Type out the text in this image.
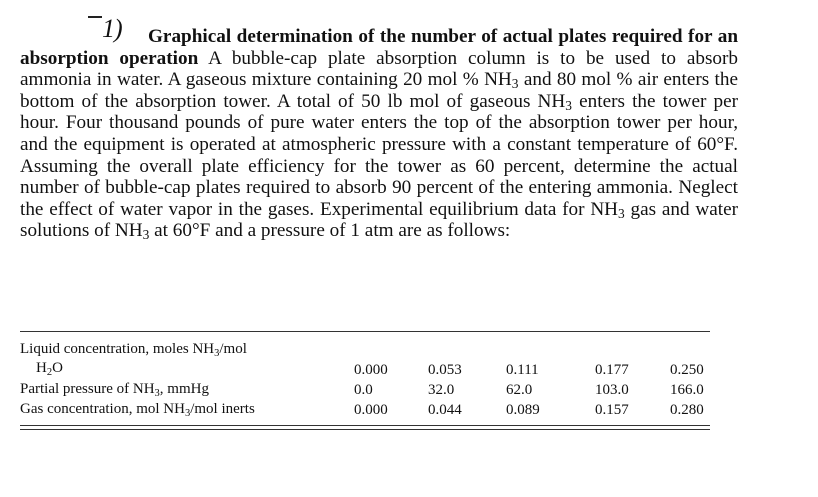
1)	Graphical determination of the number of actual plates required for an absorption operation A bubble-cap plate absorption column is to be used to absorb ammonia in water. A gaseous mixture containing 20 mol % $NH_3$ and 80 mol % air enters the bottom of the absorption tower. A total of 50 lb mol of gaseous $NH_3$ enters the tower per hour. Four thousand pounds of pure water enters the top of the absorption tower per hour, and the equipment is operated at atmospheric pressure with a constant temperature of 60°F. Assuming the overall plate efficiency for the tower as 60 percent, determine the actual number of bubble-cap plates required to absorb 90 percent of the entering ammonia. Neglect the effect of water vapor in the gases. Experimental equilibrium data for $NH_3$ gas and water solutions of $NH_3$ at 60°F and a pressure of 1 atm are as follows:
Liquid concentration, moles $NH_3$/mol
$H_2O$	0.000	0.053	0.111	0.177	0.250
Partial pressure of $NH_3$, mmHg	0.0	32.0	62.0	103.0	166.0
Gas concentration, mol $NH_3$/mol inerts	0.000	0.044	0.089	0.157	0.280
